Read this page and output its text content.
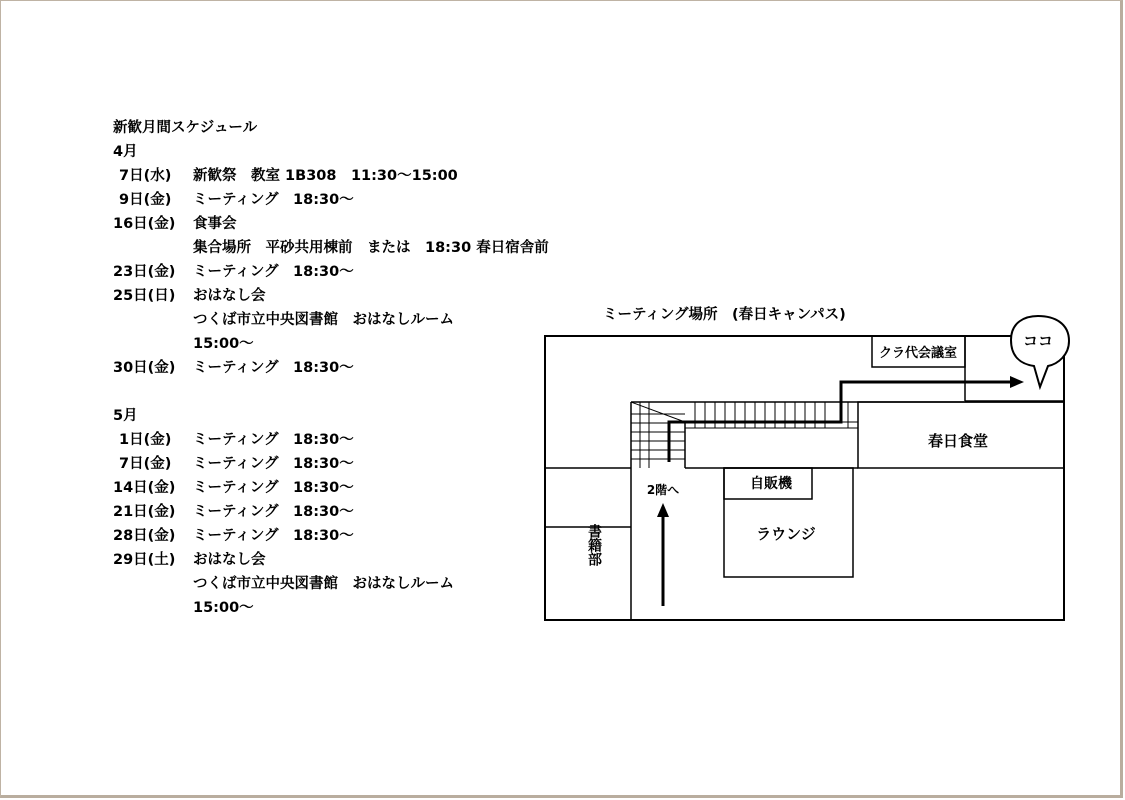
新歓月間スケジュール
4月
7日(水) 新歓祭　教室 1B308　11:30〜15:00
9日(金) ミーティング　18:30〜
16日(金) 食事会
集合場所　平砂共用棟前　または　18:30 春日宿舎前
23日(金) ミーティング　18:30〜
25日(日) おはなし会
つくば市立中央図書館　おはなしルーム
15:00〜
30日(金) ミーティング　18:30〜
5月
1日(金) ミーティング　18:30〜
7日(金) ミーティング　18:30〜
14日(金) ミーティング　18:30〜
21日(金) ミーティング　18:30〜
28日(金) ミーティング　18:30〜
29日(土) おはなし会
つくば市立中央図書館　おはなしルーム
15:00〜
ミーティング場所　(春日キャンパス)
クラ代会議室
春日食堂
自販機
ラウンジ
2階へ
書籍部
ココ
